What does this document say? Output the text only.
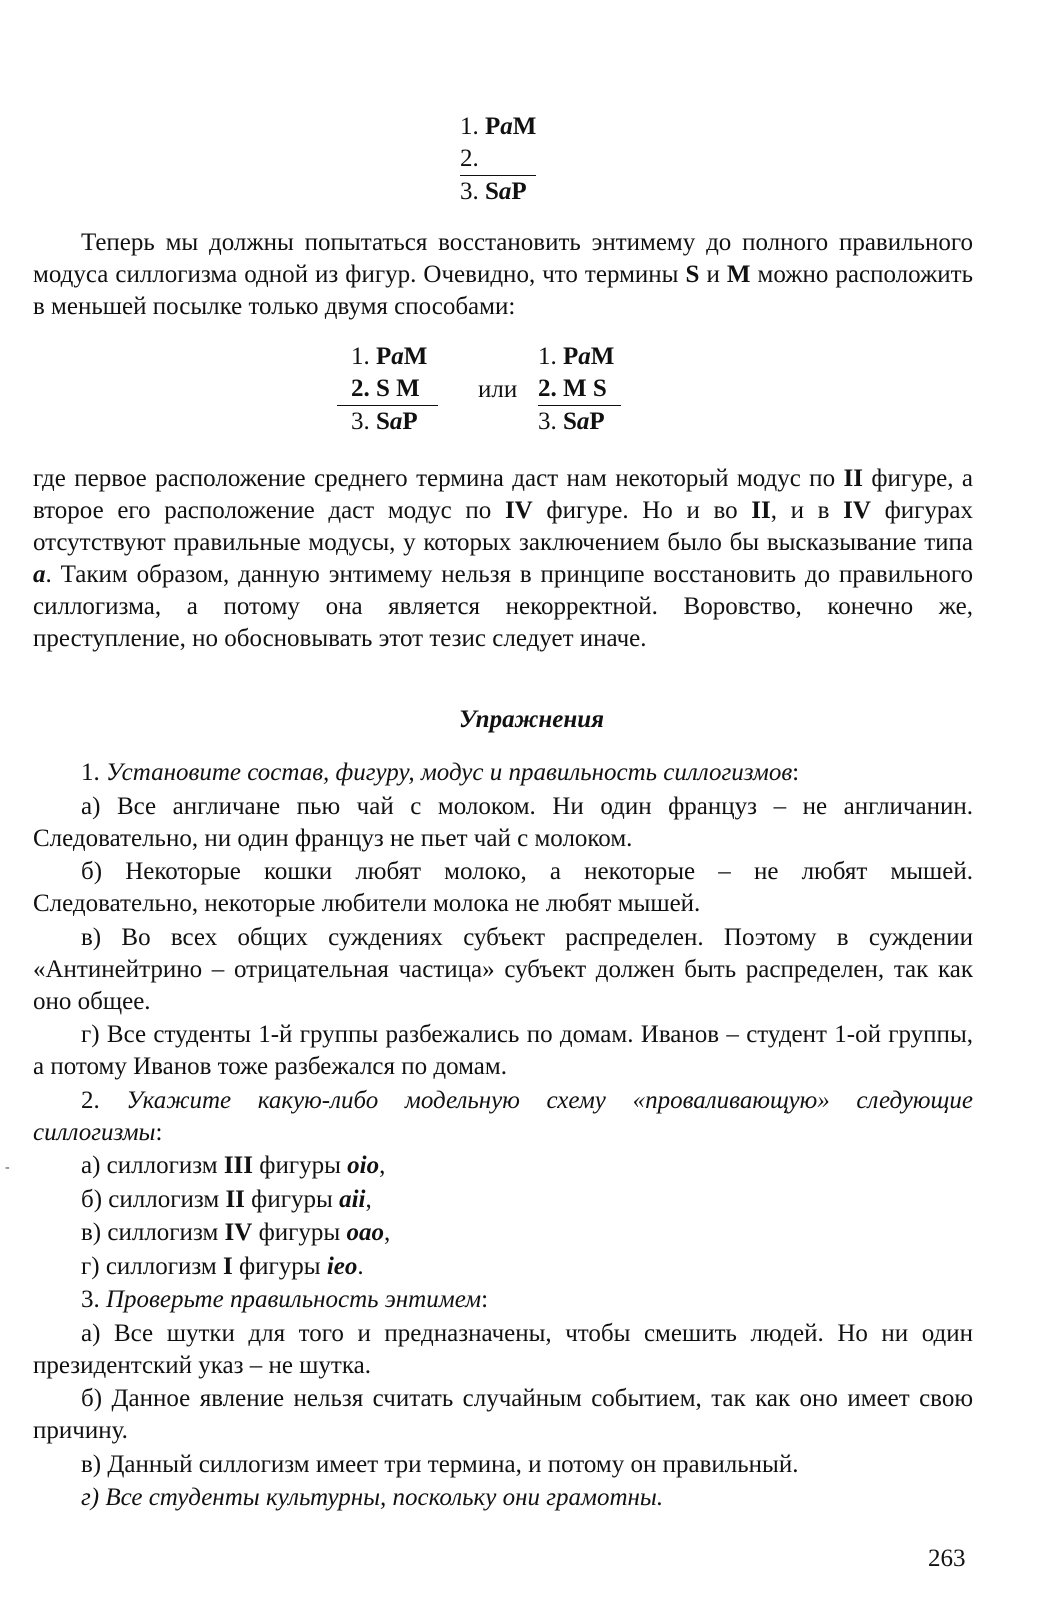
1. PaM
2.
3. SaP

Теперь мы должны попытаться восстановить энтимему до полного правильного модуса силлогизма одной из фигур. Очевидно, что термины S и M можно расположить в меньшей посылке только двумя способами:

1. PaM
2. S M
3. SaP
или
1. PaM
2. M S
3. SaP

где первое расположение среднего термина даст нам некоторый модус по II фигуре, а второе его расположение даст модус по IV фигуре. Но и во II, и в IV фигурах отсутствуют правильные модусы, у которых заключением было бы высказывание типа a. Таким образом, данную энтимему нельзя в принципе восстановить до правильного силлогизма, а потому она является некорректной. Воровство, конечно же, преступление, но обосновывать этот тезис следует иначе.

Упражнения

1. Установите состав, фигуру, модус и правильность силлогизмов:

а) Все англичане пью чай с молоком. Ни один француз – не англичанин. Следовательно, ни один француз не пьет чай с молоком.

б) Некоторые кошки любят молоко, а некоторые – не любят мышей. Следовательно, некоторые любители молока не любят мышей.

в) Во всех общих суждениях субъект распределен. Поэтому в суждении «Антинейтрино – отрицательная частица» субъект должен быть распределен, так как оно общее.

г) Все студенты 1-й группы разбежались по домам. Иванов – студент 1-ой группы, а потому Иванов тоже разбежался по домам.

2. Укажите какую-либо модельную схему «проваливающую» следующие силлогизмы:

а) силлогизм III фигуры oio,

б) силлогизм II фигуры aii,

в) силлогизм IV фигуры oao,

г) силлогизм I фигуры ieo.

3. Проверьте правильность энтимем:

а) Все шутки для того и предназначены, чтобы смешить людей. Но ни один президентский указ – не шутка.

б) Данное явление нельзя считать случайным событием, так как оно имеет свою причину.

в) Данный силлогизм имеет три термина, и потому он правильный.

г) Все студенты культурны, поскольку они грамотны.

-
263
